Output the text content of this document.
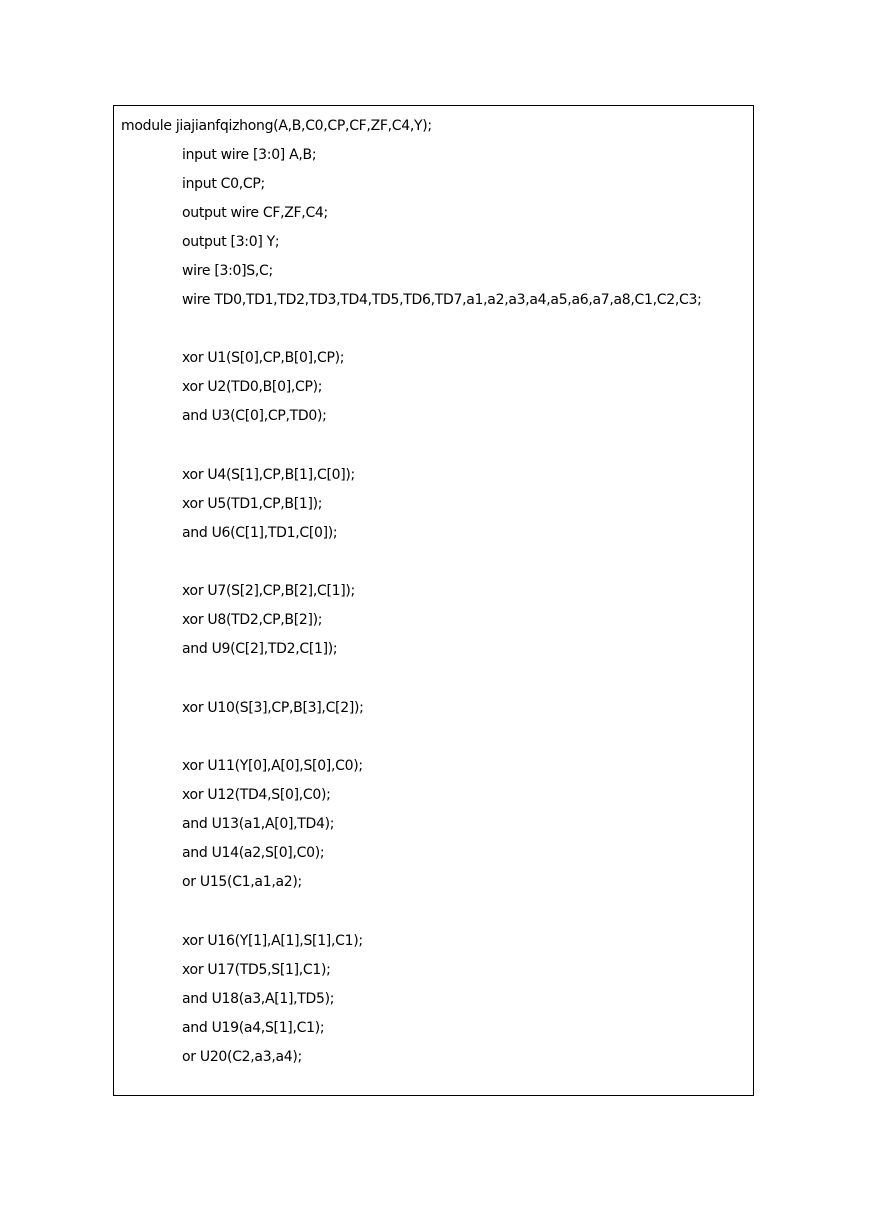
module jiajianfqizhong(A,B,C0,CP,CF,ZF,C4,Y);
input wire [3:0] A,B;
input C0,CP;
output wire CF,ZF,C4;
output [3:0] Y;
wire [3:0]S,C;
wire TD0,TD1,TD2,TD3,TD4,TD5,TD6,TD7,a1,a2,a3,a4,a5,a6,a7,a8,C1,C2,C3;
xor U1(S[0],CP,B[0],CP);
xor U2(TD0,B[0],CP);
and U3(C[0],CP,TD0);
xor U4(S[1],CP,B[1],C[0]);
xor U5(TD1,CP,B[1]);
and U6(C[1],TD1,C[0]);
xor U7(S[2],CP,B[2],C[1]);
xor U8(TD2,CP,B[2]);
and U9(C[2],TD2,C[1]);
xor U10(S[3],CP,B[3],C[2]);
xor U11(Y[0],A[0],S[0],C0);
xor U12(TD4,S[0],C0);
and U13(a1,A[0],TD4);
and U14(a2,S[0],C0);
or U15(C1,a1,a2);
xor U16(Y[1],A[1],S[1],C1);
xor U17(TD5,S[1],C1);
and U18(a3,A[1],TD5);
and U19(a4,S[1],C1);
or U20(C2,a3,a4);
